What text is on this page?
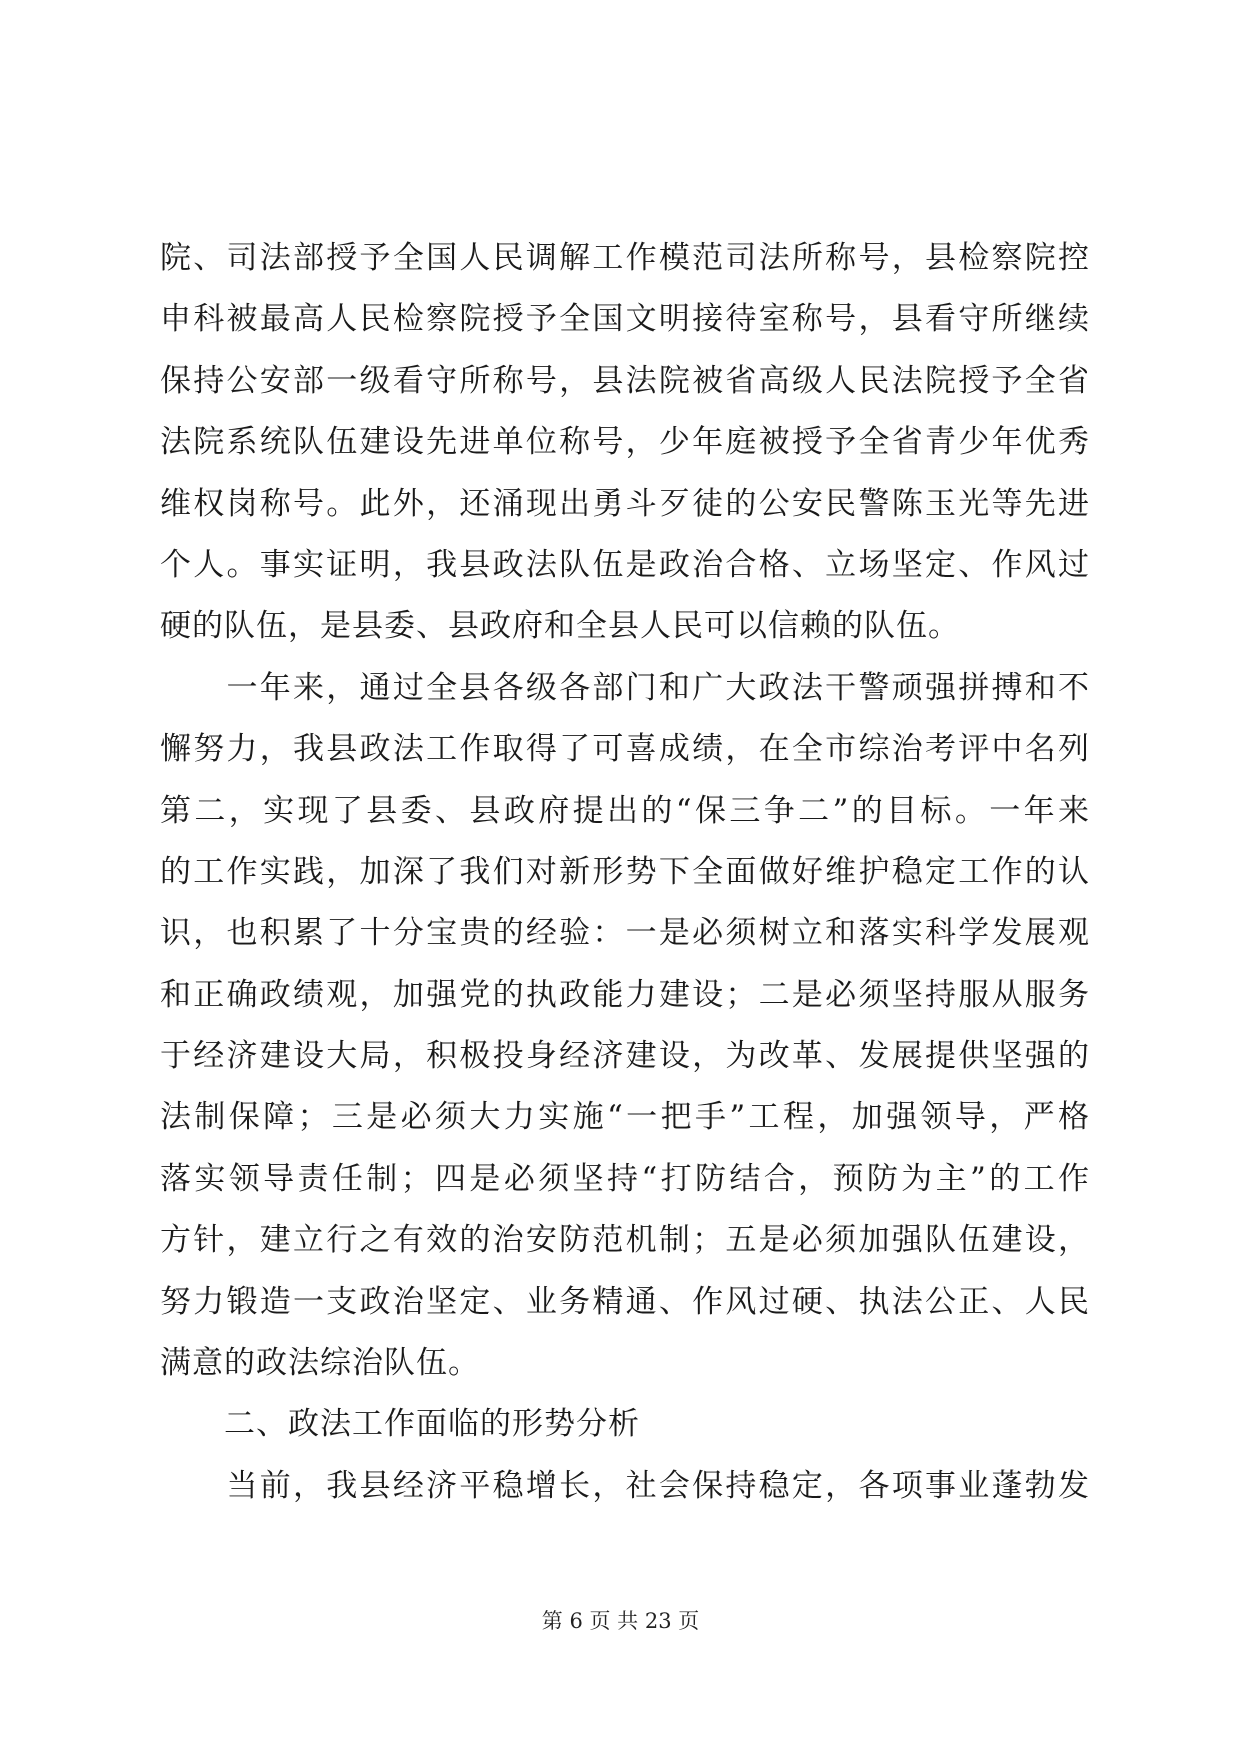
院、司法部授予全国人民调解工作模范司法所称号，县检察院控
申科被最高人民检察院授予全国文明接待室称号，县看守所继续
保持公安部一级看守所称号，县法院被省高级人民法院授予全省
法院系统队伍建设先进单位称号，少年庭被授予全省青少年优秀
维权岗称号。此外，还涌现出勇斗歹徒的公安民警陈玉光等先进
个人。事实证明，我县政法队伍是政治合格、立场坚定、作风过
硬的队伍，是县委、县政府和全县人民可以信赖的队伍。
　　一年来，通过全县各级各部门和广大政法干警顽强拼搏和不
懈努力，我县政法工作取得了可喜成绩，在全市综治考评中名列
第二，实现了县委、县政府提出的“保三争二”的目标。一年来
的工作实践，加深了我们对新形势下全面做好维护稳定工作的认
识，也积累了十分宝贵的经验：一是必须树立和落实科学发展观
和正确政绩观，加强党的执政能力建设；二是必须坚持服从服务
于经济建设大局，积极投身经济建设，为改革、发展提供坚强的
法制保障；三是必须大力实施“一把手”工程，加强领导，严格
落实领导责任制；四是必须坚持“打防结合，预防为主”的工作
方针，建立行之有效的治安防范机制；五是必须加强队伍建设，
努力锻造一支政治坚定、业务精通、作风过硬、执法公正、人民
满意的政法综治队伍。
　　二、政法工作面临的形势分析
　　当前，我县经济平稳增长，社会保持稳定，各项事业蓬勃发
第 6 页 共 23 页
